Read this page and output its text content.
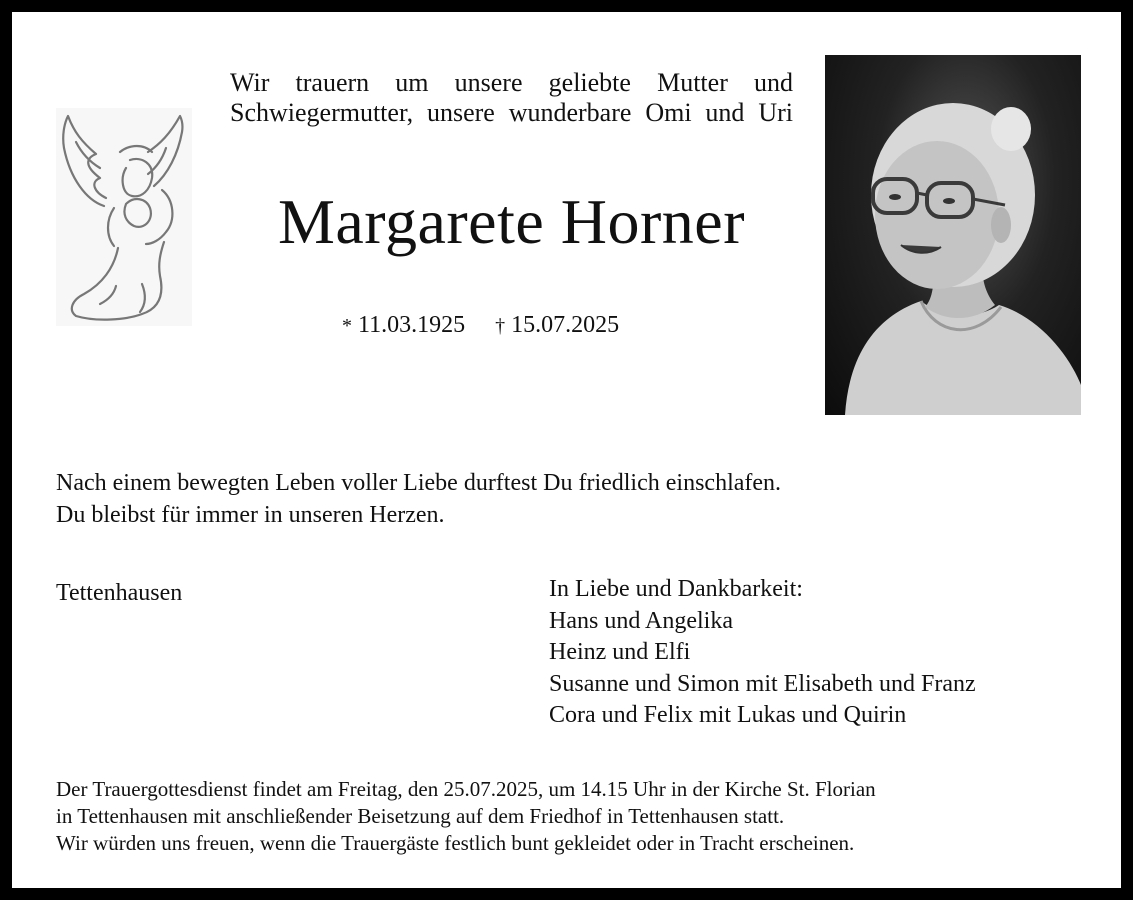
Wir trauern um unsere geliebte Mutter und
Schwiegermutter, unsere wunderbare Omi und Uri
Margarete Horner
* 11.03.1925 † 15.07.2025
Nach einem bewegten Leben voller Liebe durftest Du friedlich einschlafen.
Du bleibst für immer in unseren Herzen.
Tettenhausen	In Liebe und Dankbarkeit:
Hans und Angelika
Heinz und Elfi
Susanne und Simon mit Elisabeth und Franz
Cora und Felix mit Lukas und Quirin
Der Trauergottesdienst findet am Freitag, den 25.07.2025, um 14.15 Uhr in der Kirche St. Florian
in Tettenhausen mit anschließender Beisetzung auf dem Friedhof in Tettenhausen statt.
Wir würden uns freuen, wenn die Trauergäste festlich bunt gekleidet oder in Tracht erscheinen.
